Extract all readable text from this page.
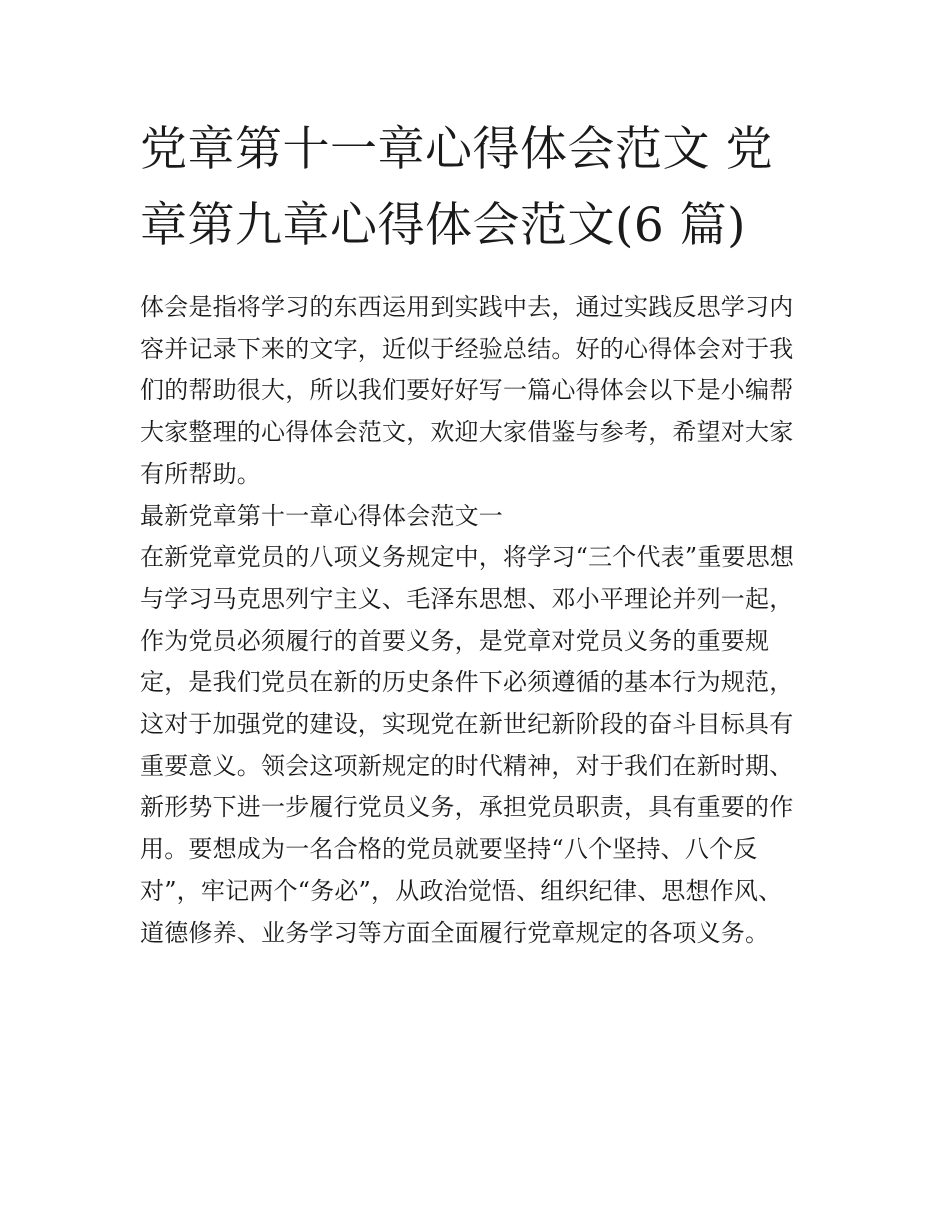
党章第十一章心得体会范文 党
章第九章心得体会范文(6 篇)
体会是指将学习的东西运用到实践中去，通过实践反思学习内
容并记录下来的文字，近似于经验总结。好的心得体会对于我
们的帮助很大，所以我们要好好写一篇心得体会以下是小编帮
大家整理的心得体会范文，欢迎大家借鉴与参考，希望对大家
有所帮助。
最新党章第十一章心得体会范文一
在新党章党员的八项义务规定中，将学习“三个代表”重要思想
与学习马克思列宁主义、毛泽东思想、邓小平理论并列一起，
作为党员必须履行的首要义务，是党章对党员义务的重要规
定，是我们党员在新的历史条件下必须遵循的基本行为规范，
这对于加强党的建设，实现党在新世纪新阶段的奋斗目标具有
重要意义。领会这项新规定的时代精神，对于我们在新时期、
新形势下进一步履行党员义务，承担党员职责，具有重要的作
用。要想成为一名合格的党员就要坚持“八个坚持、八个反
对”，牢记两个“务必”，从政治觉悟、组织纪律、思想作风、
道德修养、业务学习等方面全面履行党章规定的各项义务。
